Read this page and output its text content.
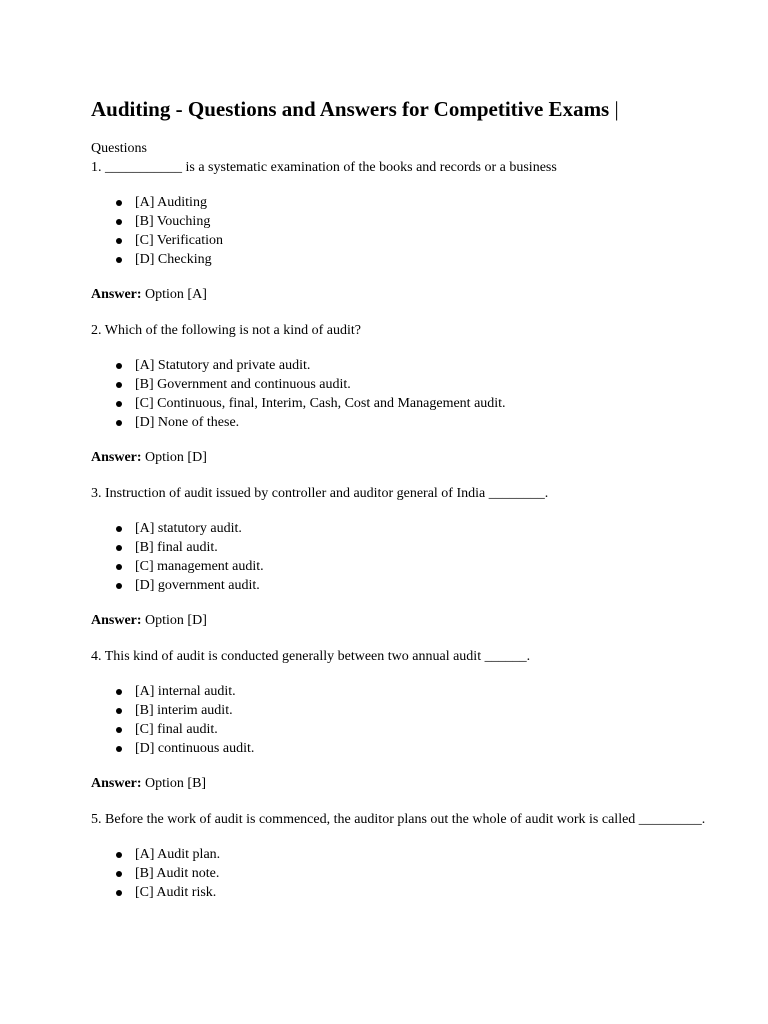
Auditing - Questions and Answers for Competitive Exams |

Questions

1. ___________ is a systematic examination of the books and records or a business

[A] Auditing
[B] Vouching
[C] Verification
[D] Checking

Answer: Option [A]

2. Which of the following is not a kind of audit?

[A] Statutory and private audit.
[B] Government and continuous audit.
[C] Continuous, final, Interim, Cash, Cost and Management audit.
[D] None of these.

Answer: Option [D]

3. Instruction of audit issued by controller and auditor general of India ________.

[A] statutory audit.
[B] final audit.
[C] management audit.
[D] government audit.

Answer: Option [D]

4. This kind of audit is conducted generally between two annual audit ______.

[A] internal audit.
[B] interim audit.
[C] final audit.
[D] continuous audit.

Answer: Option [B]

5. Before the work of audit is commenced, the auditor plans out the whole of audit work is called _________.

[A] Audit plan.
[B] Audit note.
[C] Audit risk.
